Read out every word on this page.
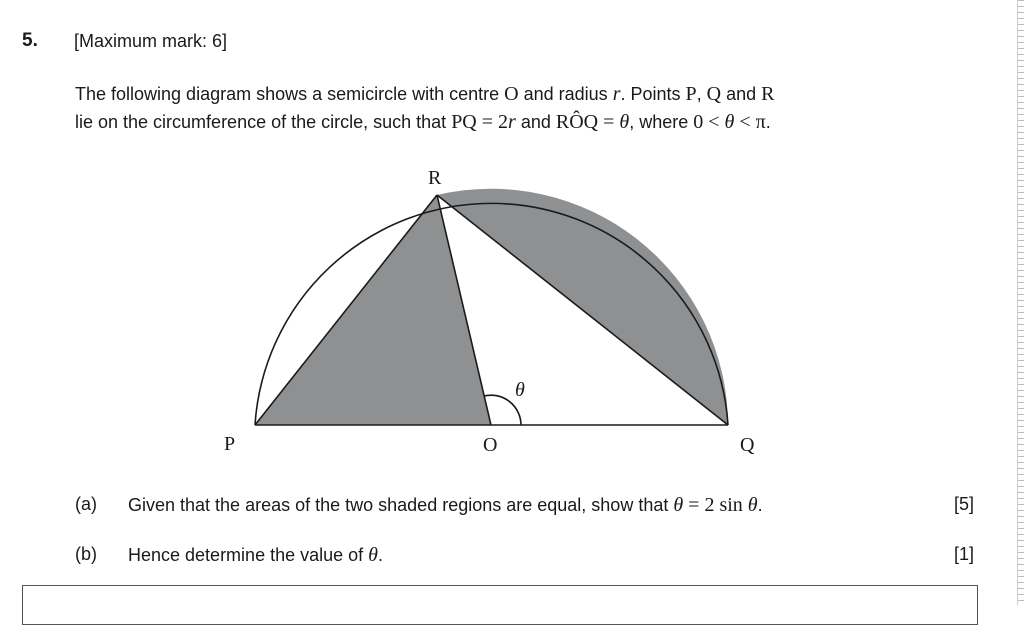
5. [Maximum mark: 6]
The following diagram shows a semicircle with centre O and radius r. Points P, Q and R
lie on the circumference of the circle, such that PQ = 2r and RÔQ = θ, where 0 < θ < π.
R
P	O	Q
θ
(a) Given that the areas of the two shaded regions are equal, show that θ = 2 sin θ.	[5]
(b) Hence determine the value of θ.	[1]
